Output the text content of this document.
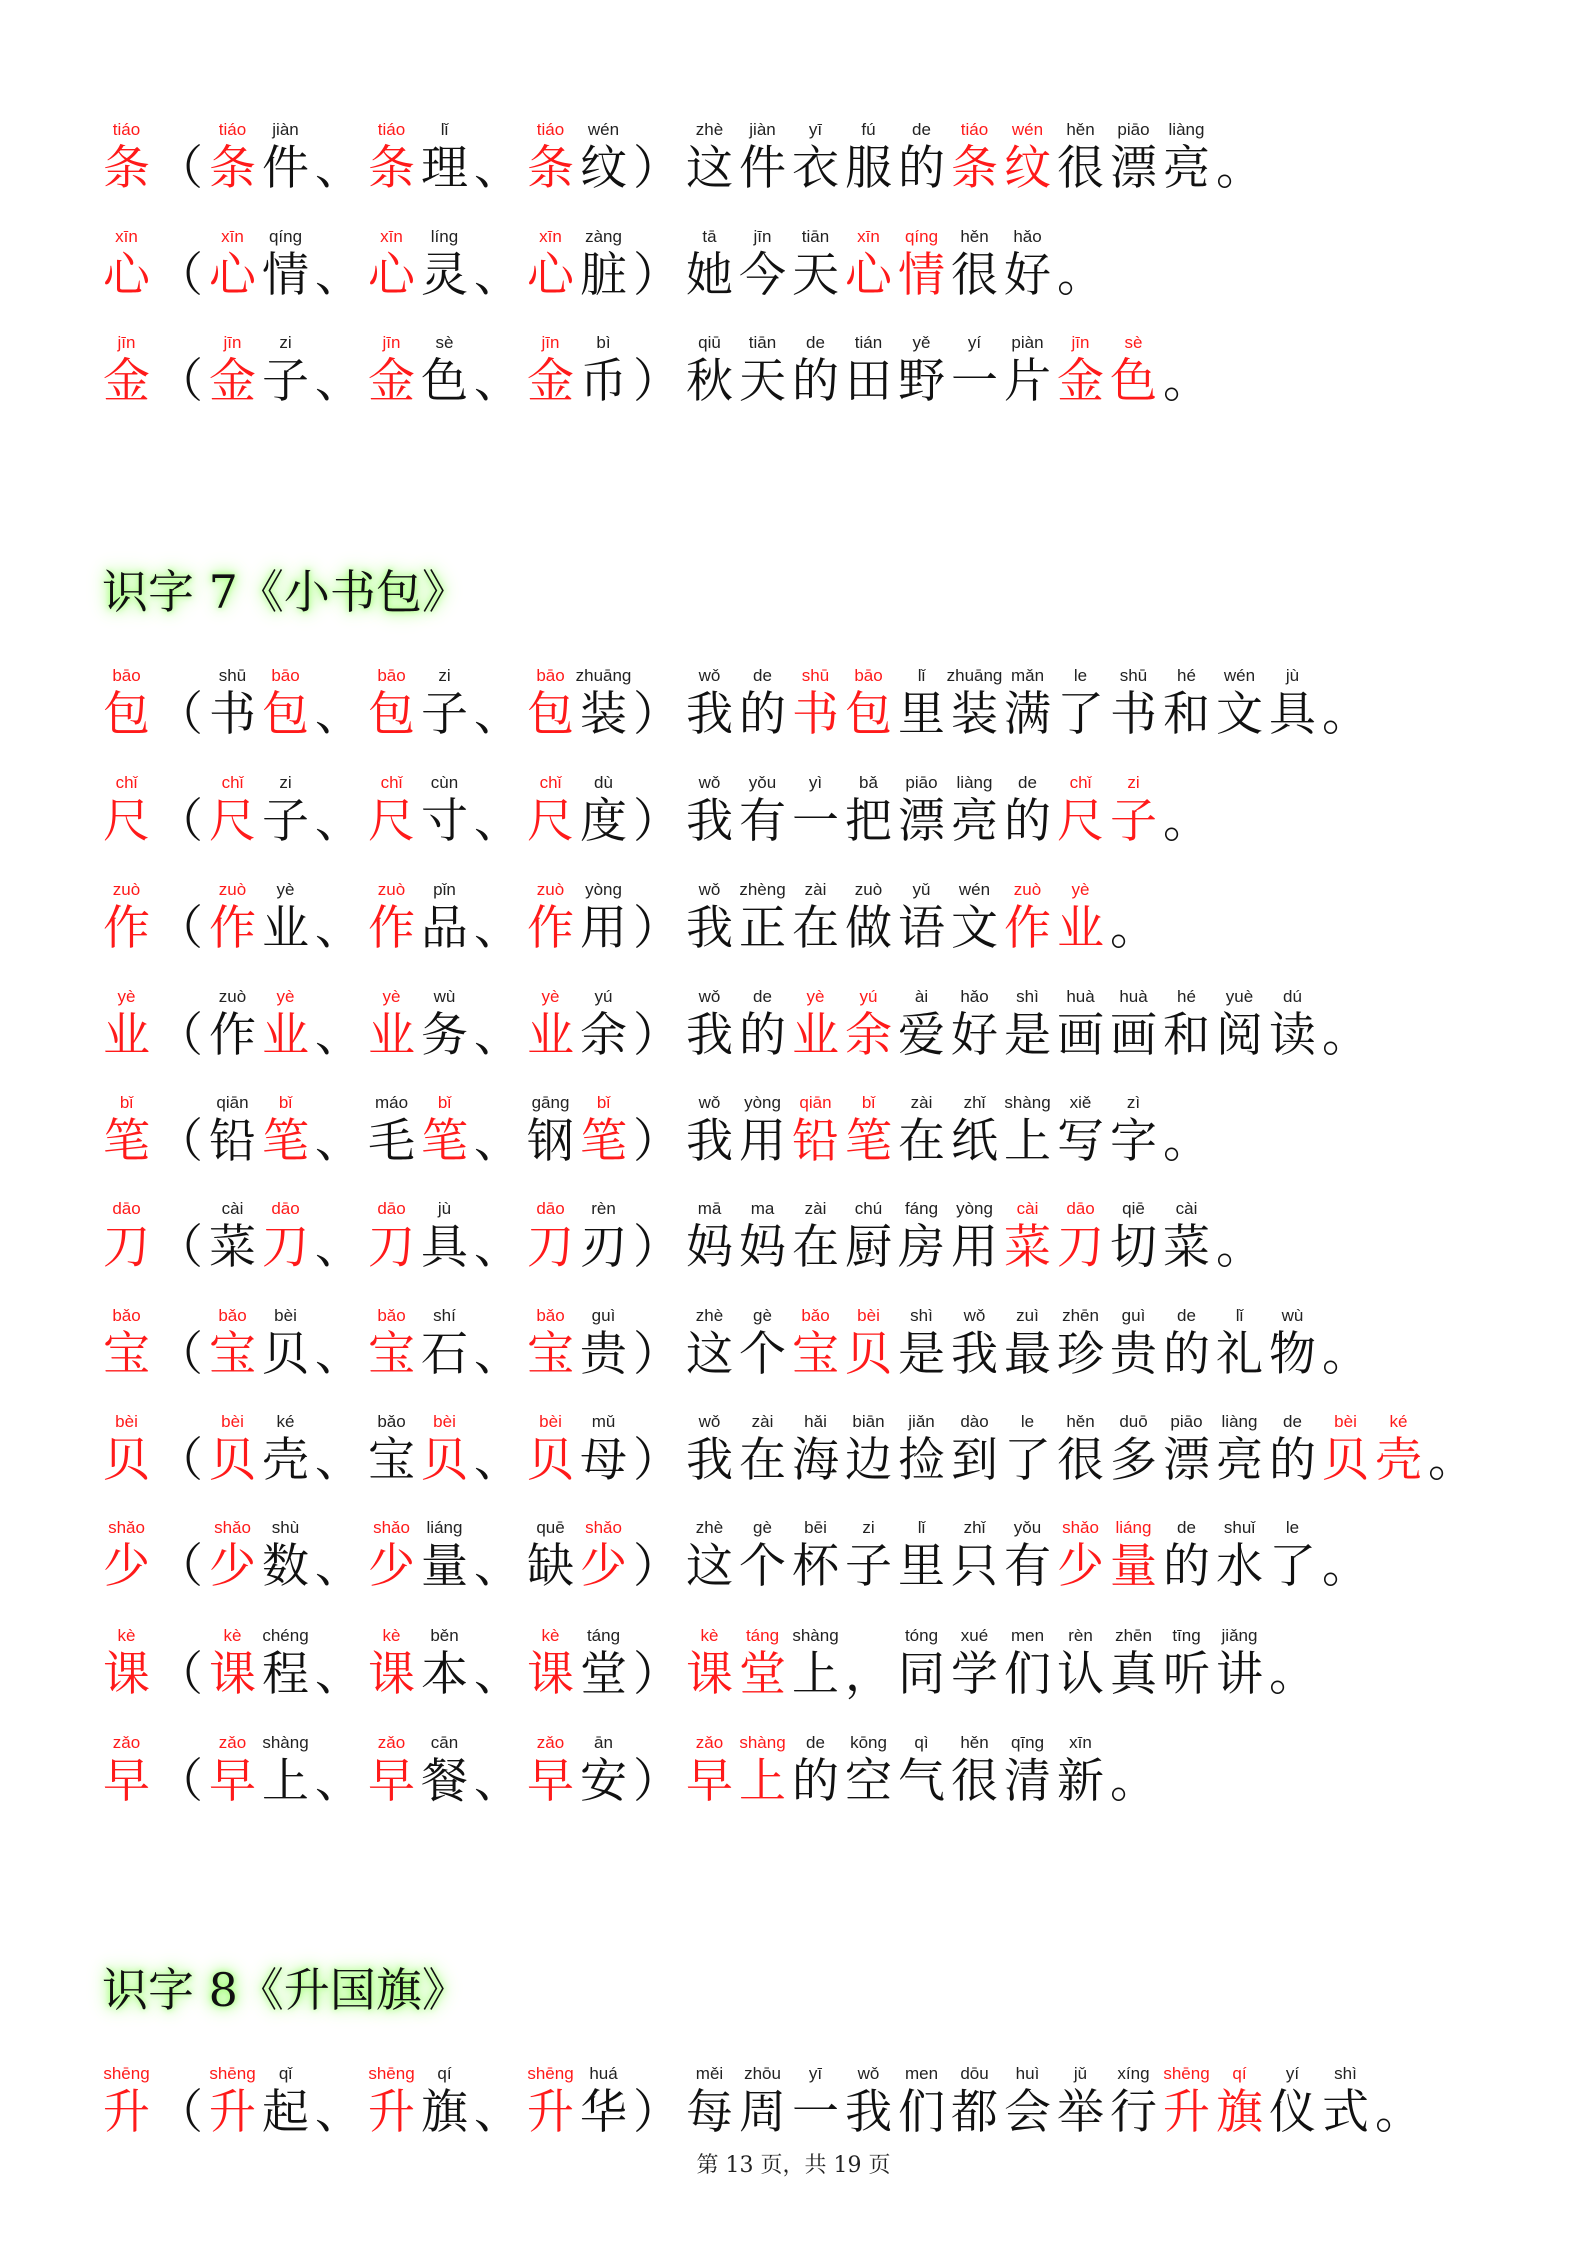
tiáo
条 （
tiáo
条
jiàn
件 、
tiáo
条
lǐ
理 、
tiáo
条
wén
纹 ）
zhè
这
jiàn
件
yī
衣
fú
服
de
的
tiáo
条
wén
纹
hěn
很
piāo
漂
liàng
亮 。
xīn
心 （
xīn
心
qíng
情 、
xīn
心
líng
灵 、
xīn
心
zàng
脏 ）
tā
她
jīn
今
tiān
天
xīn
心
qíng
情
hěn
很
hǎo
好 。
jīn
金 （
jīn
金
zi
子 、
jīn
金
sè
色 、
jīn
金
bì
币 ）
qiū
秋
tiān
天
de
的
tián
田
yě
野
yí
一
piàn
片
jīn
金
sè
色 。
识字 7《小书包》
bāo
包 （
shū
书
bāo
包 、
bāo
包
zi
子 、
bāo
包
zhuāng
装 ）
wǒ
我
de
的
shū
书
bāo
包
lǐ
里
zhuāng
装
mǎn
满
le
了
shū
书
hé
和
wén
文
jù
具 。
chǐ
尺 （
chǐ
尺
zi
子 、
chǐ
尺
cùn
寸 、
chǐ
尺
dù
度 ）
wǒ
我
yǒu
有
yì
一
bǎ
把
piāo
漂
liàng
亮
de
的
chǐ
尺
zi
子 。
zuò
作 （
zuò
作
yè
业 、
zuò
作
pǐn
品 、
zuò
作
yòng
用 ）
wǒ
我
zhèng
正
zài
在
zuò
做
yǔ
语
wén
文
zuò
作
yè
业 。
yè
业 （
zuò
作
yè
业 、
yè
业
wù
务 、
yè
业
yú
余 ）
wǒ
我
de
的
yè
业
yú
余
ài
爱
hǎo
好
shì
是
huà
画
huà
画
hé
和
yuè
阅
dú
读 。
bǐ
笔 （
qiān
铅
bǐ
笔 、
máo
毛
bǐ
笔 、
gāng
钢
bǐ
笔 ）
wǒ
我
yòng
用
qiān
铅
bǐ
笔
zài
在
zhǐ
纸
shàng
上
xiě
写
zì
字 。
dāo
刀 （
cài
菜
dāo
刀 、
dāo
刀
jù
具 、
dāo
刀
rèn
刃 ）
mā
妈
ma
妈
zài
在
chú
厨
fáng
房
yòng
用
cài
菜
dāo
刀
qiē
切
cài
菜 。
bǎo
宝 （
bǎo
宝
bèi
贝 、
bǎo
宝
shí
石 、
bǎo
宝
guì
贵 ）
zhè
这
gè
个
bǎo
宝
bèi
贝
shì
是
wǒ
我
zuì
最
zhēn
珍
guì
贵
de
的
lǐ
礼
wù
物 。
bèi
贝 （
bèi
贝
ké
壳 、
bǎo
宝
bèi
贝 、
bèi
贝
mǔ
母 ）
wǒ
我
zài
在
hǎi
海
biān
边
jiǎn
捡
dào
到
le
了
hěn
很
duō
多
piāo
漂
liàng
亮
de
的
bèi
贝
ké
壳 。
shǎo
少 （
shǎo
少
shù
数 、
shǎo
少
liáng
量 、
quē
缺
shǎo
少 ）
zhè
这
gè
个
bēi
杯
zi
子
lǐ
里
zhǐ
只
yǒu
有
shǎo
少
liáng
量
de
的
shuǐ
水
le
了 。
kè
课 （
kè
课
chéng
程 、
kè
课
běn
本 、
kè
课
táng
堂 ）
kè
课
táng
堂
shàng
上 ，
tóng
同
xué
学
men
们
rèn
认
zhēn
真
tīng
听
jiǎng
讲 。
zǎo
早 （
zǎo
早
shàng
上 、
zǎo
早
cān
餐 、
zǎo
早
ān
安 ）
zǎo
早
shàng
上
de
的
kōng
空
qì
气
hěn
很
qīng
清
xīn
新 。
识字 8《升国旗》
shēng
升 （
shēng
升
qǐ
起 、
shēng
升
qí
旗 、
shēng
升
huá
华 ）
měi
每
zhōu
周
yī
一
wǒ
我
men
们
dōu
都
huì
会
jǔ
举
xíng
行
shēng
升
qí
旗
yí
仪
shì
式 。
第 13 页，共 19 页
